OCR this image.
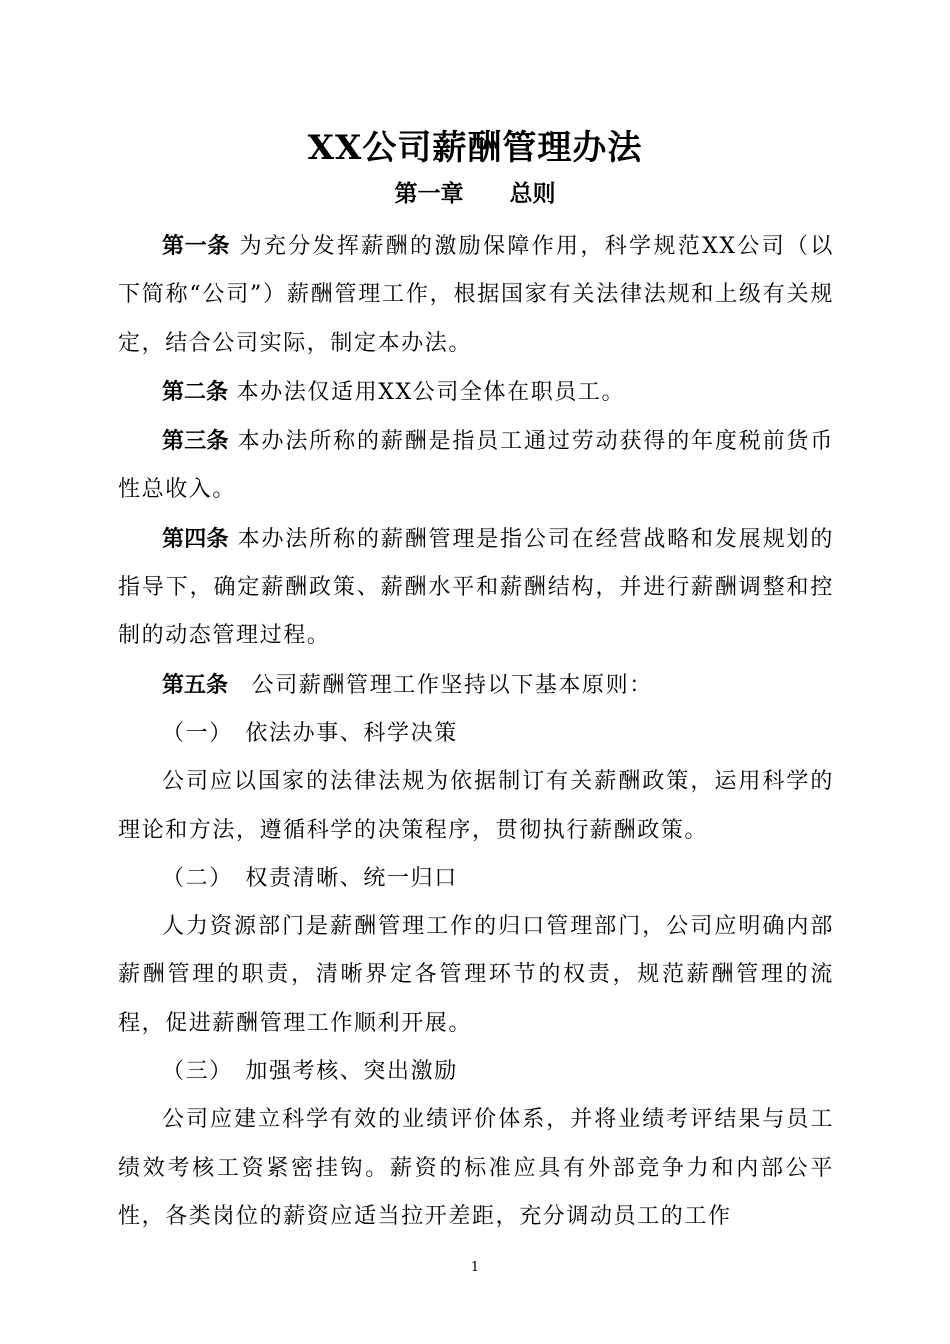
XX公司薪酬管理办法
第一章　　总则

第一条 为充分发挥薪酬的激励保障作用，科学规范XX公司（以下简称“公司”）薪酬管理工作，根据国家有关法律法规和上级有关规定，结合公司实际，制定本办法。

第二条 本办法仅适用XX公司全体在职员工。

第三条 本办法所称的薪酬是指员工通过劳动获得的年度税前货币性总收入。

第四条 本办法所称的薪酬管理是指公司在经营战略和发展规划的指导下，确定薪酬政策、薪酬水平和薪酬结构，并进行薪酬调整和控制的动态管理过程。

第五条　公司薪酬管理工作坚持以下基本原则：

（一）　依法办事、科学决策

公司应以国家的法律法规为依据制订有关薪酬政策，运用科学的理论和方法，遵循科学的决策程序，贯彻执行薪酬政策。

（二）　权责清晰、统一归口

人力资源部门是薪酬管理工作的归口管理部门，公司应明确内部薪酬管理的职责，清晰界定各管理环节的权责，规范薪酬管理的流程，促进薪酬管理工作顺利开展。

（三）　加强考核、突出激励

公司应建立科学有效的业绩评价体系，并将业绩考评结果与员工绩效考核工资紧密挂钩。薪资的标准应具有外部竞争力和内部公平性，各类岗位的薪资应适当拉开差距，充分调动员工的工作

1
